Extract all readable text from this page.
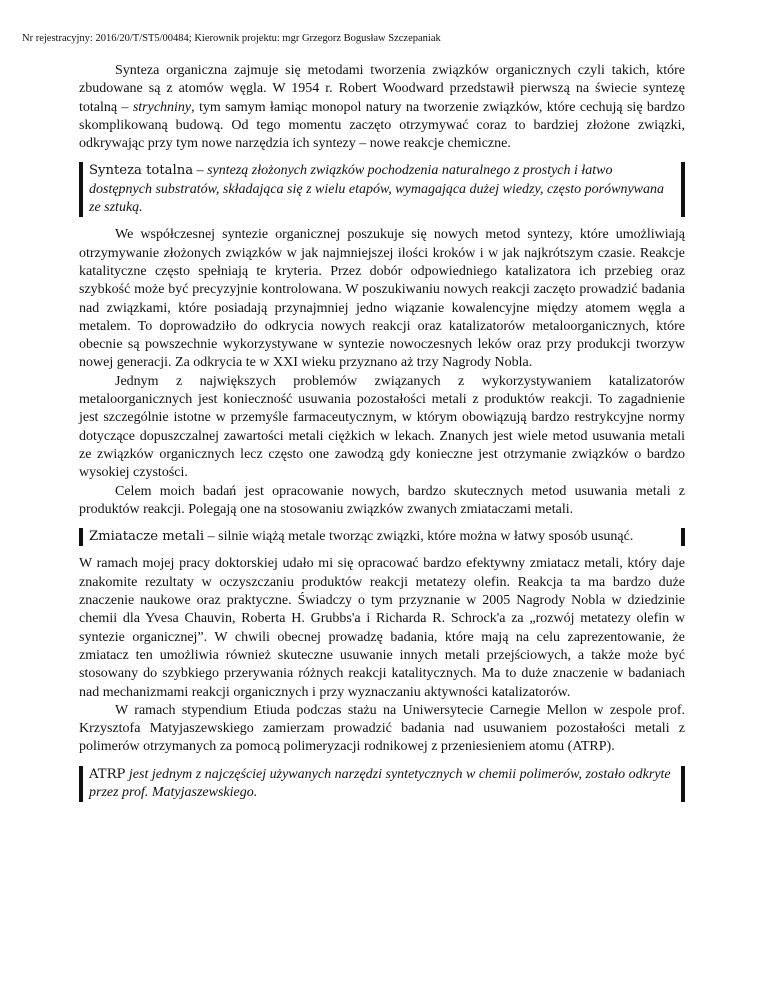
Nr rejestracyjny: 2016/20/T/ST5/00484; Kierownik projektu: mgr Grzegorz Bogusław Szczepaniak

Synteza organiczna zajmuje się metodami tworzenia związków organicznych czyli takich, które zbudowane są z atomów węgla. W 1954 r. Robert Woodward przedstawił pierwszą na świecie syntezę totalną – strychniny, tym samym łamiąc monopol natury na tworzenie związków, które cechują się bardzo skomplikowaną budową. Od tego momentu zaczęto otrzymywać coraz to bardziej złożone związki, odkrywając przy tym nowe narzędzia ich syntezy – nowe reakcje chemiczne.

Synteza totalna – syntezą złożonych związków pochodzenia naturalnego z prostych i łatwo dostępnych substratów, składająca się z wielu etapów, wymagająca dużej wiedzy, często porównywana ze sztuką.

We współczesnej syntezie organicznej poszukuje się nowych metod syntezy, które umożliwiają otrzymywanie złożonych związków w jak najmniejszej ilości kroków i w jak najkrótszym czasie. Reakcje katalityczne często spełniają te kryteria. Przez dobór odpowiedniego katalizatora ich przebieg oraz szybkość może być precyzyjnie kontrolowana. W poszukiwaniu nowych reakcji zaczęto prowadzić badania nad związkami, które posiadają przynajmniej jedno wiązanie kowalencyjne między atomem węgla a metalem. To doprowadziło do odkrycia nowych reakcji oraz katalizatorów metaloorganicznych, które obecnie są powszechnie wykorzystywane w syntezie nowoczesnych leków oraz przy produkcji tworzyw nowej generacji. Za odkrycia te w XXI wieku przyznano aż trzy Nagrody Nobla.

Jednym z największych problemów związanych z wykorzystywaniem katalizatorów metaloorganicznych jest konieczność usuwania pozostałości metali z produktów reakcji. To zagadnienie jest szczególnie istotne w przemyśle farmaceutycznym, w którym obowiązują bardzo restrykcyjne normy dotyczące dopuszczalnej zawartości metali ciężkich w lekach. Znanych jest wiele metod usuwania metali ze związków organicznych lecz często one zawodzą gdy konieczne jest otrzymanie związków o bardzo wysokiej czystości.

Celem moich badań jest opracowanie nowych, bardzo skutecznych metod usuwania metali z produktów reakcji. Polegają one na stosowaniu związków zwanych zmiataczami metali.

Zmiatacze metali – silnie wiążą metale tworząc związki, które można w łatwy sposób usunąć.

W ramach mojej pracy doktorskiej udało mi się opracować bardzo efektywny zmiatacz metali, który daje znakomite rezultaty w oczyszczaniu produktów reakcji metatezy olefin. Reakcja ta ma bardzo duże znaczenie naukowe oraz praktyczne. Świadczy o tym przyznanie w 2005 Nagrody Nobla w dziedzinie chemii dla Yvesa Chauvin, Roberta H. Grubbs'a i Richarda R. Schrock'a za „rozwój metatezy olefin w syntezie organicznej”. W chwili obecnej prowadzę badania, które mają na celu zaprezentowanie, że zmiatacz ten umożliwia również skuteczne usuwanie innych metali przejściowych, a także może być stosowany do szybkiego przerywania różnych reakcji katalitycznych. Ma to duże znaczenie w badaniach nad mechanizmami reakcji organicznych i przy wyznaczaniu aktywności katalizatorów.

W ramach stypendium Etiuda podczas stażu na Uniwersytecie Carnegie Mellon w zespole prof. Krzysztofa Matyjaszewskiego zamierzam prowadzić badania nad usuwaniem pozostałości metali z polimerów otrzymanych za pomocą polimeryzacji rodnikowej z przeniesieniem atomu (ATRP).

ATRP jest jednym z najczęściej używanych narzędzi syntetycznych w chemii polimerów, zostało odkryte przez prof. Matyjaszewskiego.
